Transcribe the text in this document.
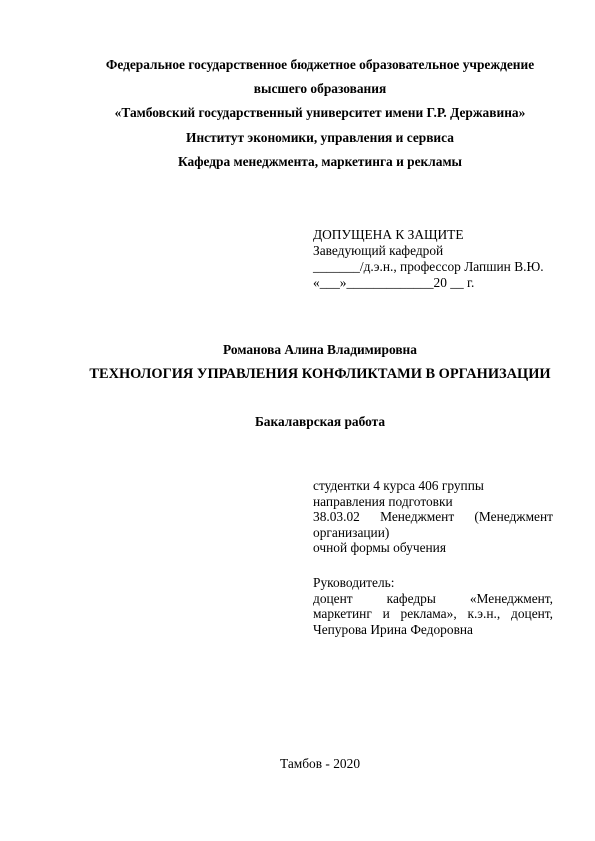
Федеральное государственное бюджетное образовательное учреждение
высшего образования
«Тамбовский государственный университет имени Г.Р. Державина»
Институт экономики, управления и сервиса
Кафедра менеджмента, маркетинга и рекламы
ДОПУЩЕНА К ЗАЩИТЕ
Заведующий кафедрой
_______/д.э.н., профессор Лапшин В.Ю.
«___»_____________20 __ г.
Романова Алина Владимировна
ТЕХНОЛОГИЯ УПРАВЛЕНИЯ КОНФЛИКТАМИ В ОРГАНИЗАЦИИ
Бакалаврская работа
студентки 4 курса 406 группы
направления подготовки
38.03.02 Менеджмент (Менеджмент
организации)
очной формы обучения
Руководитель:
доцент кафедры «Менеджмент,
маркетинг и реклама», к.э.н., доцент,
Чепурова Ирина Федоровна
Тамбов - 2020
